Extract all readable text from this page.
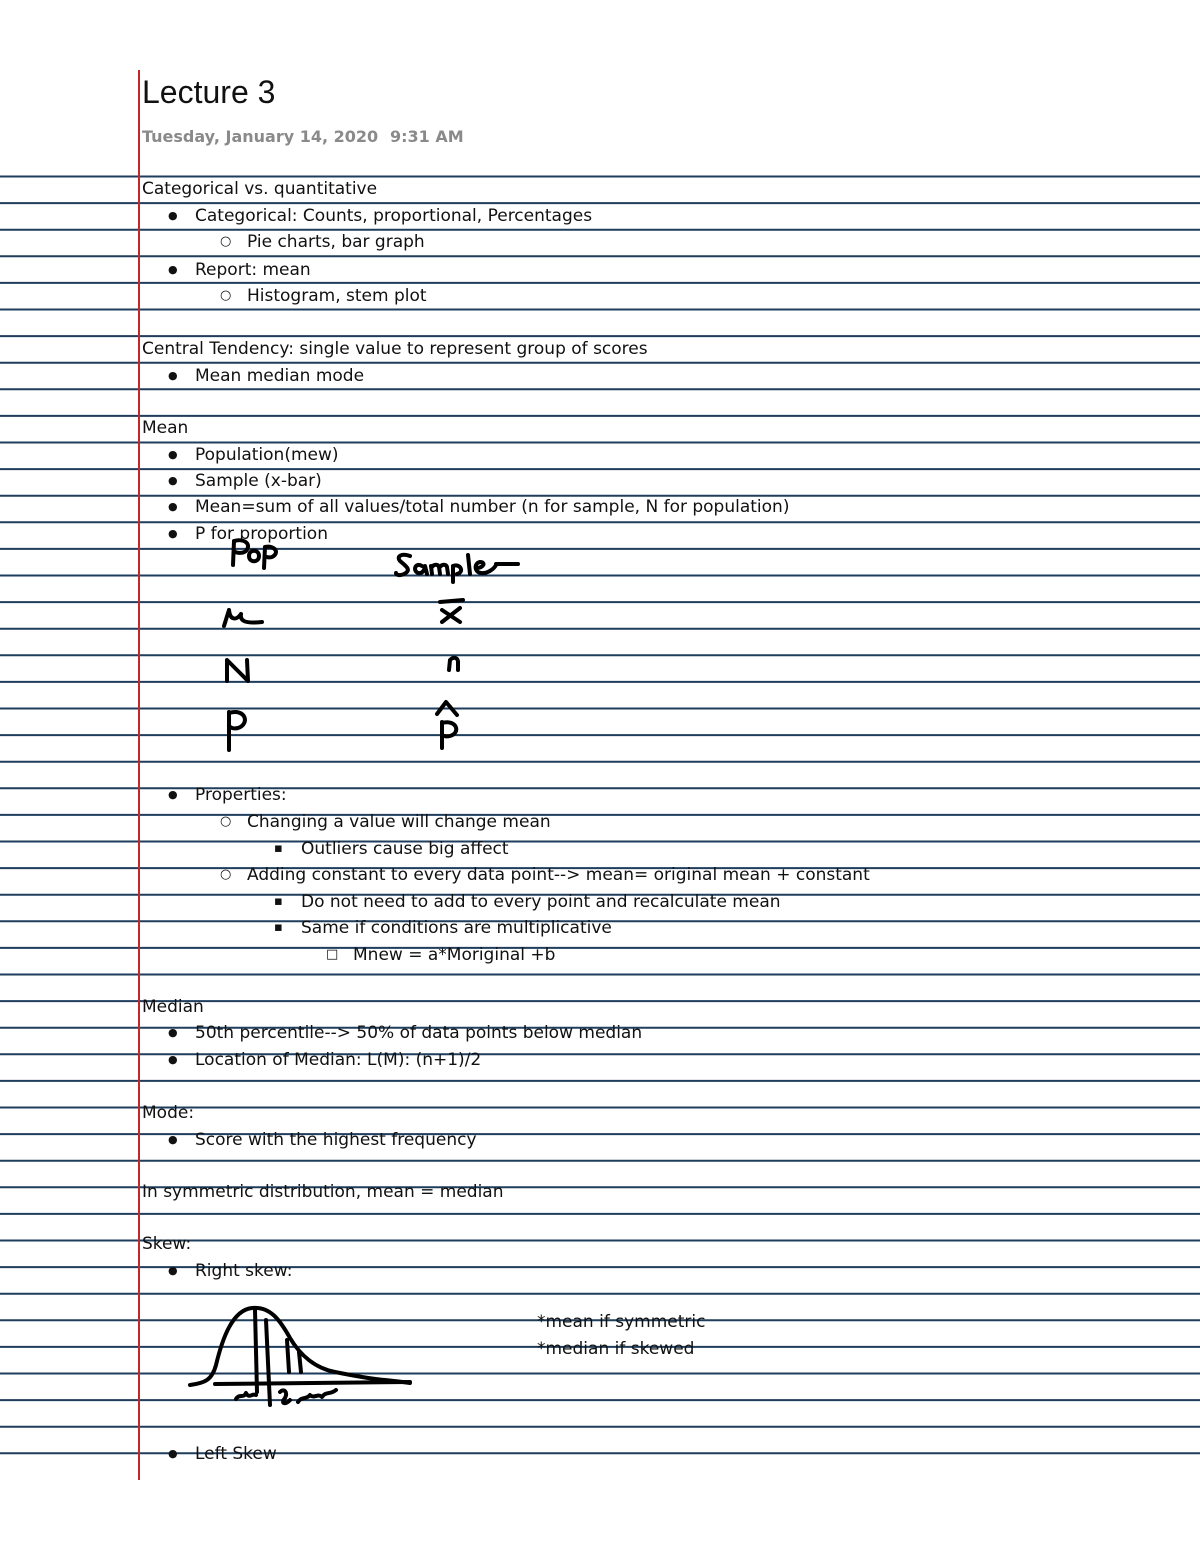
Lecture 3
Tuesday, January 14, 2020 9:31 AM
Categorical vs. quantitative
● Categorical: Counts, proportional, Percentages
○ Pie charts, bar graph
● Report: mean
○ Histogram, stem plot
Central Tendency: single value to represent group of scores
● Mean median mode
Mean
● Population(mew)
● Sample (x-bar)
● Mean=sum of all values/total number (n for sample, N for population)
● P for proportion
● Properties:
○ Changing a value will change mean
▪ Outliers cause big affect
○ Adding constant to every data point--> mean= original mean + constant
▪ Do not need to add to every point and recalculate mean
▪ Same if conditions are multiplicative
□ Mnew = a*Moriginal +b
Median
● 50th percentile--> 50% of data points below median
● Location of Median: L(M): (n+1)/2
Mode:
● Score with the highest frequency
In symmetric distribution, mean = median
Skew:
● Right skew:
*mean if symmetric
*median if skewed
● Left Skew
